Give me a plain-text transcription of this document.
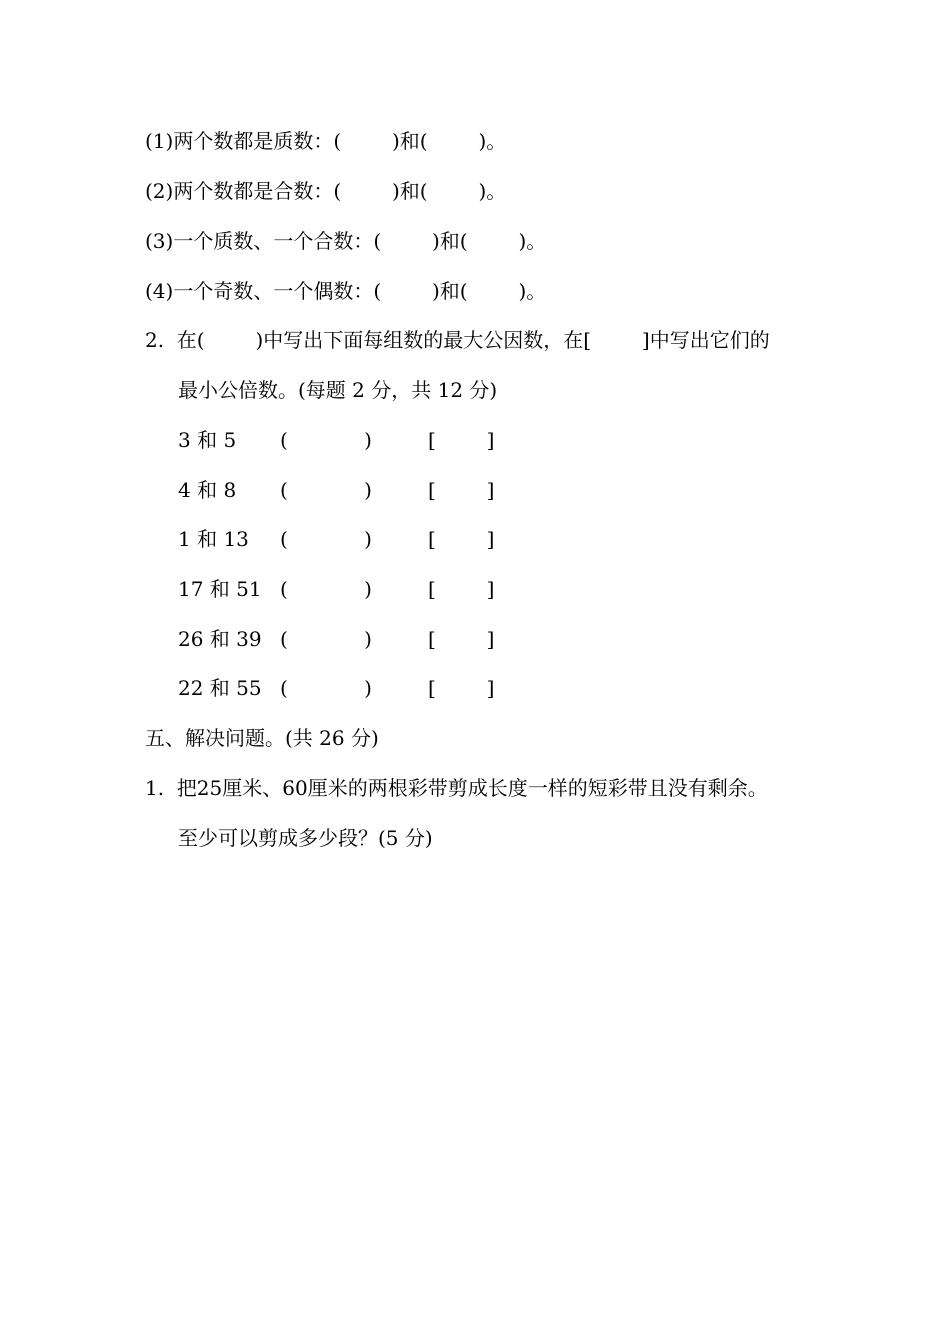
(1)两个数都是质数：(        )和(        )。
(2)两个数都是合数：(        )和(        )。
(3)一个质数、一个合数：(        )和(        )。
(4)一个奇数、一个偶数：(        )和(        )。
2.  在(        )中写出下面每组数的最大公因数，在[        ]中写出它们的
最小公倍数。(每题 2 分，共 12 分)
3 和 5 (            )	[        ]
4 和 8 (            )	[        ]
1 和 13 (            )	[        ]
17 和 51 (            )	[        ]
26 和 39 (            )	[        ]
22 和 55 (            )	[        ]
五、解决问题。(共 26 分)
1.  把25厘米、60厘米的两根彩带剪成长度一样的短彩带且没有剩余。
至少可以剪成多少段？(5 分)
